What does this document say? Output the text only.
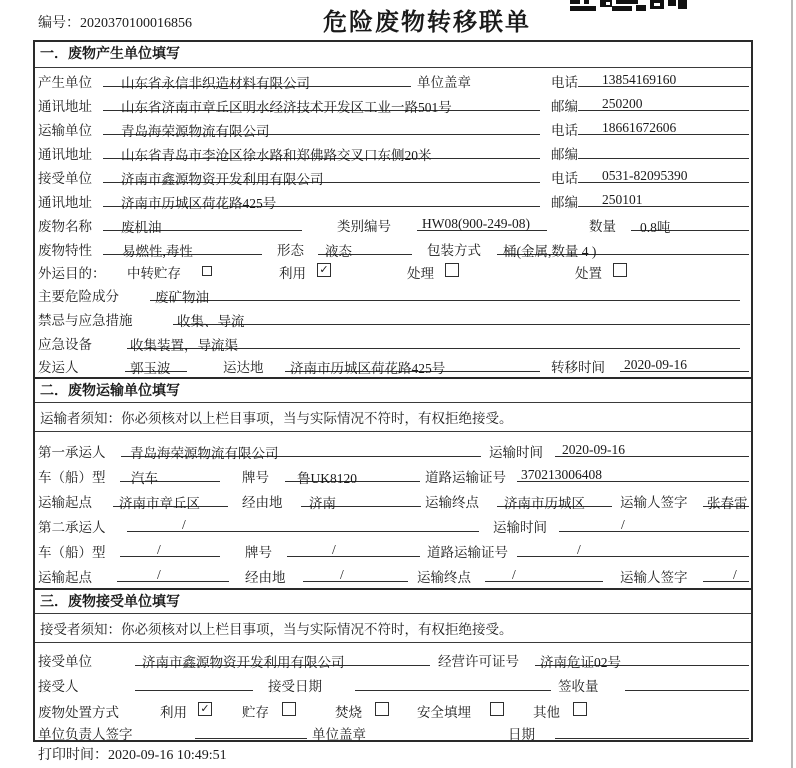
编号：2020370100016856	危险废物转移联单
一．废物产生单位填写
产生单位 山东省永信非织造材料有限公司	单位盖章	电话 13854169160
通讯地址 山东省济南市章丘区明水经济技术开发区工业一路501号	邮编 250200
运输单位 青岛海荣源物流有限公司	电话 18661672606
通讯地址 山东省青岛市李沧区徐水路和郑佛路交叉口东侧20米	邮编
接受单位 济南市鑫源物资开发利用有限公司	电话 0531-82095390
通讯地址 济南市历城区荷花路425号	邮编 250101
废物名称 废机油	类别编号 HW08(900-249-08)	数量 0.8吨
废物特性 易燃性,毒性	形态 液态	包装方式 桶(金属,数量 4 )
外运目的： 中转贮存	利用 ✓	处理	处置
主要危险成分	废矿物油
禁忌与应急措施	收集、导流
应急设备	收集装置，导流渠
发运人	郭玉波	运达地 济南市历城区荷花路425号	转移时间 2020-09-16
二．废物运输单位填写
运输者须知：你必须核对以上栏目事项，当与实际情况不符时，有权拒绝接受。
第一承运人 青岛海荣源物流有限公司	运输时间 2020-09-16
车（船）型 汽车	牌号 鲁UK8120	道路运输证号 370213006408
运输起点 济南市章丘区	经由地 济南	运输终点 济南市历城区	运输人签字 张春雷
第二承运人	/	运输时间	/
车（船）型	/	牌号	/	道路运输证号	/
运输起点	/	经由地	/	运输终点	/	运输人签字	/
三．废物接受单位填写
接受者须知：你必须核对以上栏目事项，当与实际情况不符时，有权拒绝接受。
接受单位	济南市鑫源物资开发利用有限公司	经营许可证号 济南危证02号
接受人	接受日期	签收量
废物处置方式	利用 ✓ 贮存	焚烧	安全填埋	其他
单位负责人签字	单位盖章	日期
打印时间：2020-09-16 10:49:51
